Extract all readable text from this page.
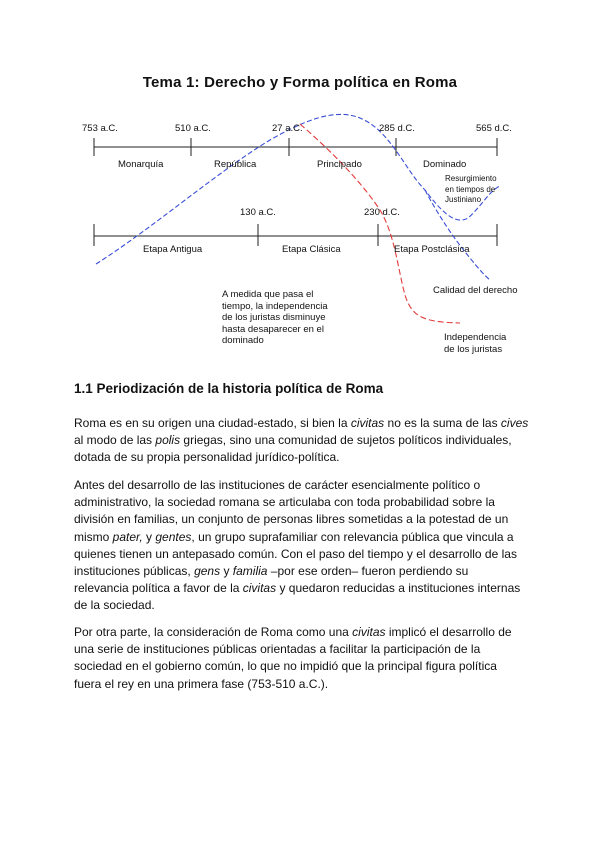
Tema 1: Derecho y Forma política en Roma
753 a.C.	510 a.C.	27 a.C.	285 d.C.	565 d.C.
Monarquía	República	Principado	Dominado
Resurgimiento
en tiempos de
Justiniano
130 a.C.	230 d.C.
Etapa Antigua	Etapa Clásica	Etapa Postclásica
A medida que pasa el
tiempo, la independencia
de los juristas disminuye
hasta desaparecer en el
dominado
Calidad del derecho
Independencia
de los juristas
1.1 Periodización de la historia política de Roma
Roma es en su origen una ciudad-estado, si bien la civitas no es la suma de las cives
al modo de las polis griegas, sino una comunidad de sujetos políticos individuales,
dotada de su propia personalidad jurídico-política.
Antes del desarrollo de las instituciones de carácter esencialmente político o
administrativo, la sociedad romana se articulaba con toda probabilidad sobre la
división en familias, un conjunto de personas libres sometidas a la potestad de un
mismo pater, y gentes, un grupo suprafamiliar con relevancia pública que vincula a
quienes tienen un antepasado común. Con el paso del tiempo y el desarrollo de las
instituciones públicas, gens y familia –por ese orden– fueron perdiendo su
relevancia política a favor de la civitas y quedaron reducidas a instituciones internas
de la sociedad.
Por otra parte, la consideración de Roma como una civitas implicó el desarrollo de
una serie de instituciones públicas orientadas a facilitar la participación de la
sociedad en el gobierno común, lo que no impidió que la principal figura política
fuera el rey en una primera fase (753-510 a.C.).
